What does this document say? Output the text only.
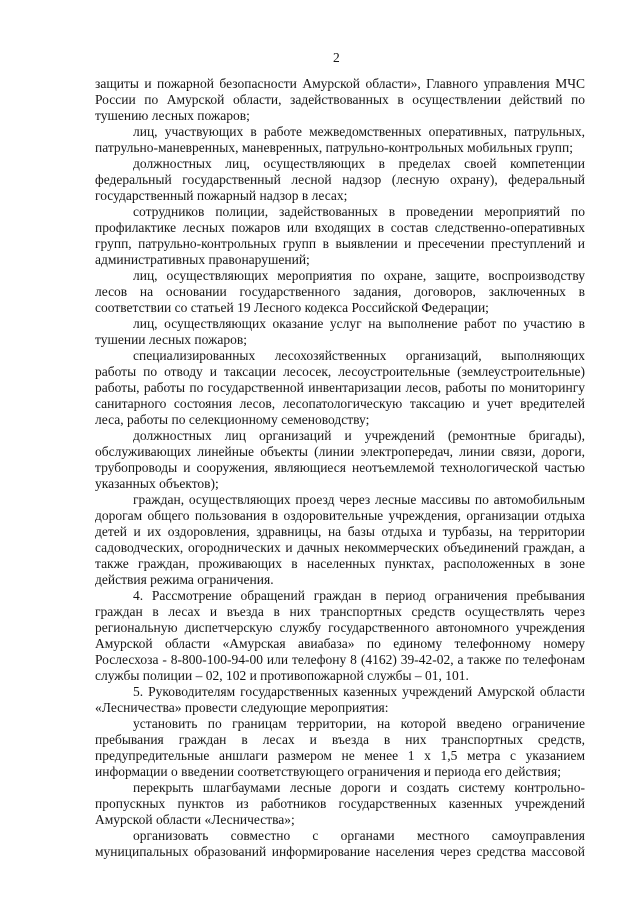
2
защиты и пожарной безопасности Амурской области», Главного управления МЧС
России по Амурской области, задействованных в осуществлении действий по
тушению лесных пожаров;
лиц, участвующих в работе межведомственных оперативных, патрульных,
патрульно-маневренных, маневренных, патрульно-контрольных мобильных групп;
должностных лиц, осуществляющих в пределах своей компетенции
федеральный государственный лесной надзор (лесную охрану), федеральный
государственный пожарный надзор в лесах;
сотрудников полиции, задействованных в проведении мероприятий по
профилактике лесных пожаров или входящих в состав следственно-оперативных
групп, патрульно-контрольных групп в выявлении и пресечении преступлений и
административных правонарушений;
лиц, осуществляющих мероприятия по охране, защите, воспроизводству
лесов на основании государственного задания, договоров, заключенных в
соответствии со статьей 19 Лесного кодекса Российской Федерации;
лиц, осуществляющих оказание услуг на выполнение работ по участию в
тушении лесных пожаров;
специализированных лесохозяйственных организаций, выполняющих
работы по отводу и таксации лесосек, лесоустроительные (землеустроительные)
работы, работы по государственной инвентаризации лесов, работы по мониторингу
санитарного состояния лесов, лесопатологическую таксацию и учет вредителей
леса, работы по селекционному семеноводству;
должностных лиц организаций и учреждений (ремонтные бригады),
обслуживающих линейные объекты (линии электропередач, линии связи, дороги,
трубопроводы и сооружения, являющиеся неотъемлемой технологической частью
указанных объектов);
граждан, осуществляющих проезд через лесные массивы по автомобильным
дорогам общего пользования в оздоровительные учреждения, организации отдыха
детей и их оздоровления, здравницы, на базы отдыха и турбазы, на территории
садоводческих, огороднических и дачных некоммерческих объединений граждан, а
также граждан, проживающих в населенных пунктах, расположенных в зоне
действия режима ограничения.
4. Рассмотрение обращений граждан в период ограничения пребывания
граждан в лесах и въезда в них транспортных средств осуществлять через
региональную диспетчерскую службу государственного автономного учреждения
Амурской области «Амурская авиабаза» по единому телефонному номеру
Рослесхоза - 8-800-100-94-00 или телефону 8 (4162) 39-42-02, а также по телефонам
службы полиции – 02, 102 и противопожарной службы – 01, 101.
5. Руководителям государственных казенных учреждений Амурской области
«Лесничества» провести следующие мероприятия:
установить по границам территории, на которой введено ограничение
пребывания граждан в лесах и въезда в них транспортных средств,
предупредительные аншлаги размером не менее 1 х 1,5 метра с указанием
информации о введении соответствующего ограничения и периода его действия;
перекрыть шлагбаумами лесные дороги и создать систему контрольно-
пропускных пунктов из работников государственных казенных учреждений
Амурской области «Лесничества»;
организовать совместно с органами местного самоуправления
муниципальных образований информирование населения через средства массовой
